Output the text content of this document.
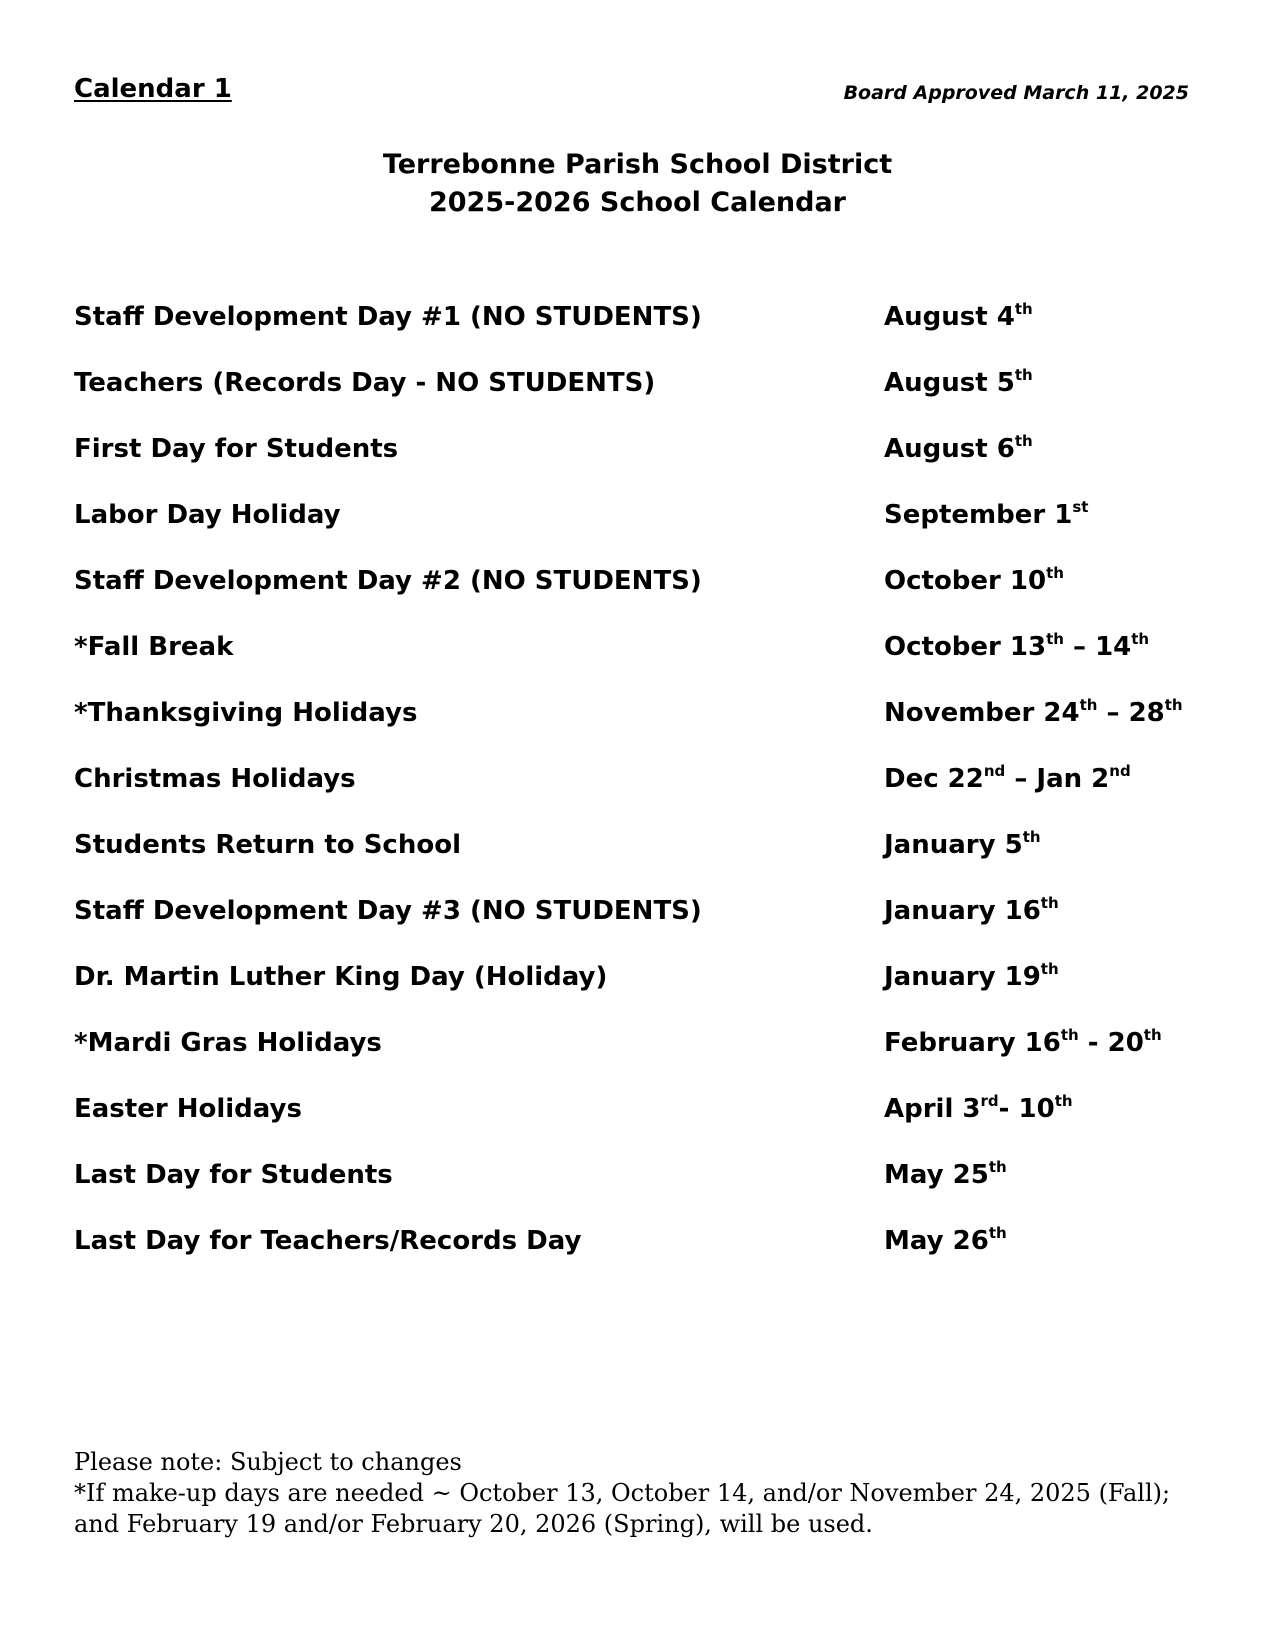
Calendar 1	Board Approved March 11, 2025
Terrebonne Parish School District
2025-2026 School Calendar
Staff Development Day #1 (NO STUDENTS)	August 4th
Teachers (Records Day - NO STUDENTS)	August 5th
First Day for Students	August 6th
Labor Day Holiday	September 1st
Staff Development Day #2 (NO STUDENTS)	October 10th
*Fall Break	October 13th – 14th
*Thanksgiving Holidays	November 24th – 28th
Christmas Holidays	Dec 22nd – Jan 2nd
Students Return to School	January 5th
Staff Development Day #3 (NO STUDENTS)	January 16th
Dr. Martin Luther King Day (Holiday)	January 19th
*Mardi Gras Holidays	February 16th - 20th
Easter Holidays	April 3rd- 10th
Last Day for Students	May 25th
Last Day for Teachers/Records Day	May 26th
Please note: Subject to changes
*If make-up days are needed ~ October 13, October 14, and/or November 24, 2025 (Fall);
and February 19 and/or February 20, 2026 (Spring), will be used.
